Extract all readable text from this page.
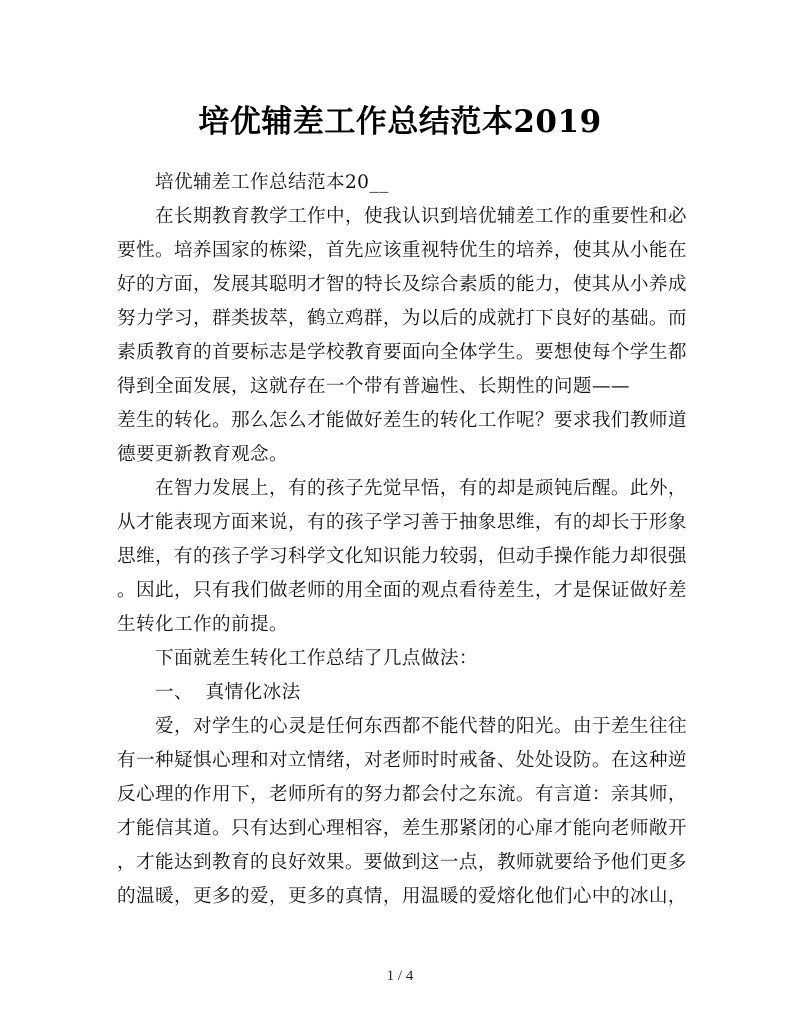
培优辅差工作总结范本2019
培优辅差工作总结范本20__
在长期教育教学工作中，使我认识到培优辅差工作的重要性和必
要性。培养国家的栋梁，首先应该重视特优生的培养，使其从小能在
好的方面，发展其聪明才智的特长及综合素质的能力，使其从小养成
努力学习，群类拔萃，鹤立鸡群，为以后的成就打下良好的基础。而
素质教育的首要标志是学校教育要面向全体学生。要想使每个学生都
得到全面发展，这就存在一个带有普遍性、长期性的问题——
差生的转化。那么怎么才能做好差生的转化工作呢？要求我们教师道
德要更新教育观念。
在智力发展上，有的孩子先觉早悟，有的却是顽钝后醒。此外，
从才能表现方面来说，有的孩子学习善于抽象思维，有的却长于形象
思维，有的孩子学习科学文化知识能力较弱，但动手操作能力却很强
。因此，只有我们做老师的用全面的观点看待差生，才是保证做好差
生转化工作的前提。
下面就差生转化工作总结了几点做法：
一、  真情化冰法
爱，对学生的心灵是任何东西都不能代替的阳光。由于差生往往
有一种疑惧心理和对立情绪，对老师时时戒备、处处设防。在这种逆
反心理的作用下，老师所有的努力都会付之东流。有言道：亲其师，
才能信其道。只有达到心理相容，差生那紧闭的心扉才能向老师敞开
，才能达到教育的良好效果。要做到这一点，教师就要给予他们更多
的温暖，更多的爱，更多的真情，用温暖的爱熔化他们心中的冰山，
1 / 4
